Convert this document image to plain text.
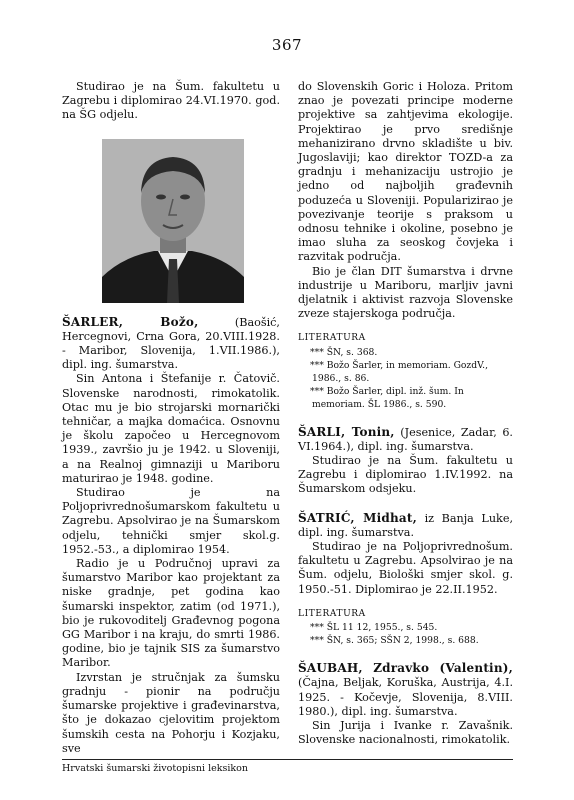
367

Studirao je na Šum. fakultetu u Zagrebu i diplomirao 24.VI.1970. god. na ŠG odjelu.

ŠARLER, Božo, (Baošić, Hercegnovi, Crna Gora, 20.VIII.1928. - Maribor, Slovenija, 1.VII.1986.), dipl. ing. šumarstva.

Sin Antona i Štefanije r. Čatovič. Slovenske narodnosti, rimokatolik. Otac mu je bio strojarski mornarički tehničar, a majka domaćica. Osnovnu je školu započeo u Hercegnovom 1939., završio ju je 1942. u Sloveniji, a na Realnoj gimnaziji u Mariboru maturirao je 1948. godine.

Studirao je na Poljoprivrednošumarskom fakultetu u Zagrebu. Apsolvirao je na Šumarskom odjelu, tehnički smjer skol.g. 1952.-53., a diplomirao 1954.

Radio je u Područnoj upravi za šumarstvo Maribor kao projektant za niske gradnje, pet godina kao šumarski inspektor, zatim (od 1971.), bio je rukovoditelj Građevnog pogona GG Maribor i na kraju, do smrti 1986. godine, bio je tajnik SIS za šumarstvo Maribor.

Izvrstan je stručnjak za šumsku gradnju - pionir na području šumarske projektive i građevinarstva, što je dokazao cjelovitim projektom šumskih cesta na Pohorju i Kozjaku, sve

do Slovenskih Goric i Holoza. Pritom znao je povezati principe moderne projektive sa zahtjevima ekologije. Projektirao je prvo središnje mehanizirano drvno skladište u biv. Jugoslaviji; kao direktor TOZD-a za gradnju i mehanizaciju ustrojio je jedno od najboljih građevnih poduzeća u Sloveniji. Popularizirao je povezivanje teorije s praksom u odnosu tehnike i okoline, posebno je imao sluha za seoskog čovjeka i razvitak područja.

Bio je član DIT šumarstva i drvne industrije u Mariboru, marljiv javni djelatnik i aktivist razvoja Slovenske zveze stajerskoga područja.

LITERATURA
*** ŠN, s. 368.
*** Božo Šarler, in memoriam. GozdV., 1986., s. 86.
*** Božo Šarler, dipl. inž. šum. In memoriam. ŠL 1986., s. 590.

ŠARLI, Tonin, (Jesenice, Zadar, 6. VI.1964.), dipl. ing. šumarstva.

Studirao je na Šum. fakultetu u Zagrebu i diplomirao 1.IV.1992. na Šumarskom odsjeku.

ŠATRIĆ, Midhat, iz Banja Luke, dipl. ing. šumarstva.

Studirao je na Poljoprivrednošum. fakultetu u Zagrebu. Apsolvirao je na Šum. odjelu, Biološki smjer skol. g. 1950.-51. Diplomirao je 22.II.1952.

LITERATURA
*** ŠL 11 12, 1955., s. 545.
*** ŠN, s. 365; SŠN 2, 1998., s. 688.

ŠAUBAH, Zdravko (Valentin), (Čajna, Beljak, Koruška, Austrija, 4.I. 1925. - Kočevje, Slovenija, 8.VIII. 1980.), dipl. ing. šumarstva.

Sin Jurija i Ivanke r. Zavašnik. Slovenske nacionalnosti, rimokatolik.

Hrvatski šumarski životopisni leksikon
